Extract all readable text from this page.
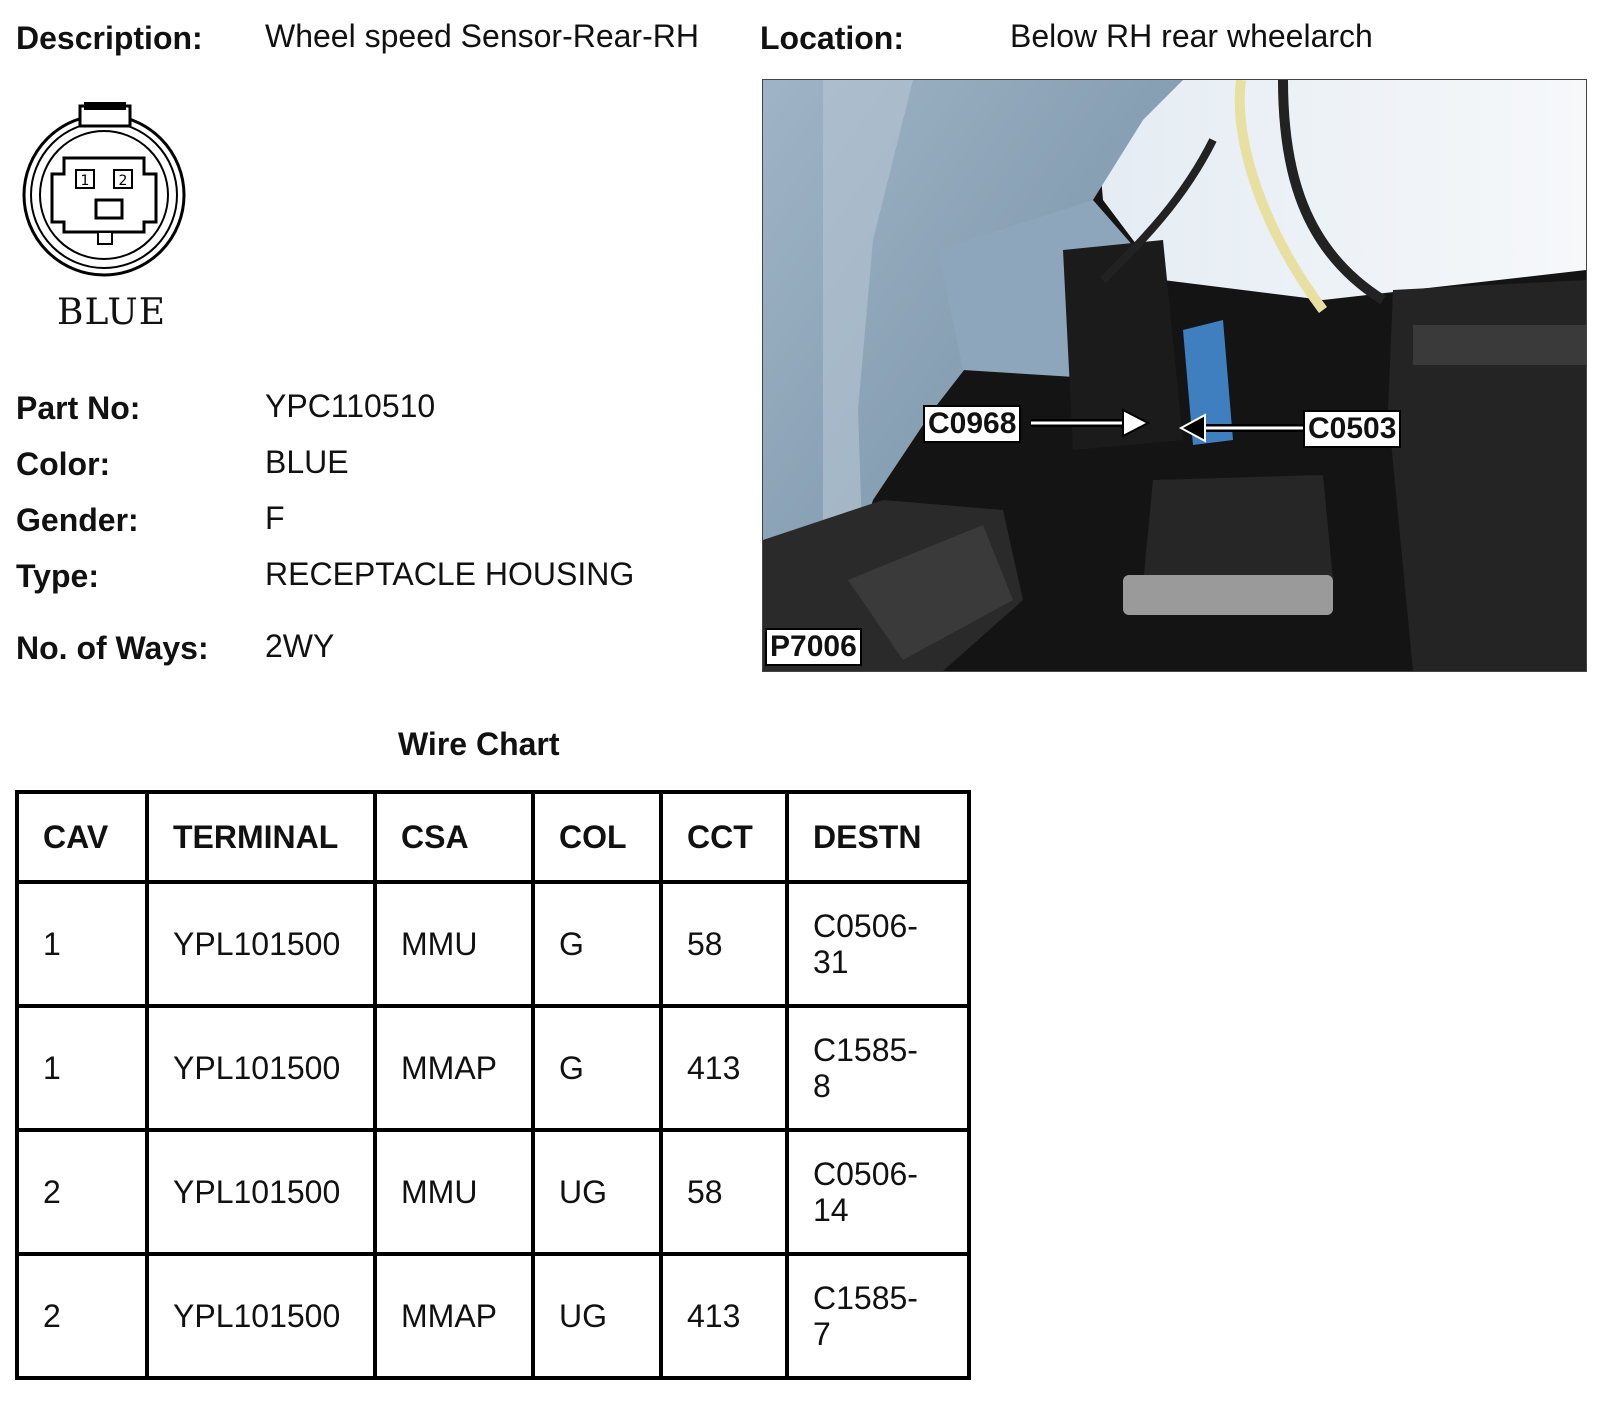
Description: Wheel speed Sensor-Rear-RH Location:	Below RH rear wheelarch
1 2
BLUE
Part No:	YPC110510
Color:	BLUE
Gender:	F
Type:	RECEPTACLE HOUSING
No. of Ways: 2WY
C0968	C0503
P7006
Wire Chart
CAV	TERMINAL	CSA	COL	CCT	DESTN
1	YPL101500	MMU	G	58	C0506-
31
1	YPL101500	MMAP	G	413	C1585-
8
2	YPL101500	MMU	UG	58	C0506-
14
2	YPL101500	MMAP	UG	413	C1585-
7
